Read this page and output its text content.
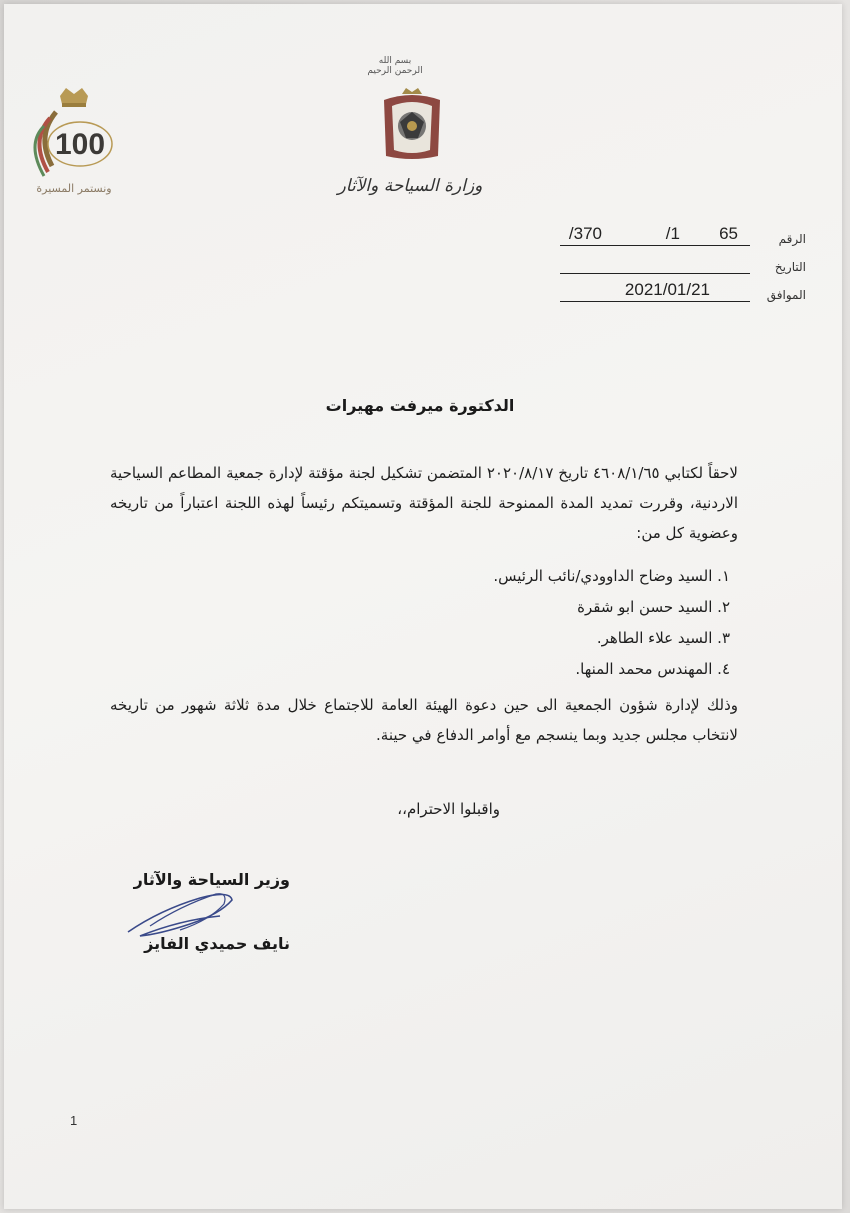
بسم الله الرحمن الرحيم
وزارة السياحة والآثار
100
ونستمر المسيرة
الرقم
65
1/
370/
التاريخ
الموافق
2021/01/21
الدكتورة ميرفت مهيرات
لاحقاً لكتابي ٤٦٠٨/١/٦٥ تاريخ ٢٠٢٠/٨/١٧ المتضمن تشكيل لجنة مؤقتة لإدارة جمعية المطاعم السياحية الاردنية، وقررت تمديد المدة الممنوحة للجنة المؤقتة وتسميتكم رئيساً لهذه اللجنة اعتباراً من تاريخه وعضوية كل من:
١. السيد وضاح الداوودي/نائب الرئيس.
٢. السيد حسن ابو شقرة
٣. السيد علاء الطاهر.
٤. المهندس محمد المنها.
وذلك لإدارة شؤون الجمعية الى حين دعوة الهيئة العامة للاجتماع خلال مدة ثلاثة شهور من تاريخه لانتخاب مجلس جديد وبما ينسجم مع أوامر الدفاع في حينة.
واقبلوا الاحترام،،
وزير السياحة والآثار
نايف حميدي الفايز
1
